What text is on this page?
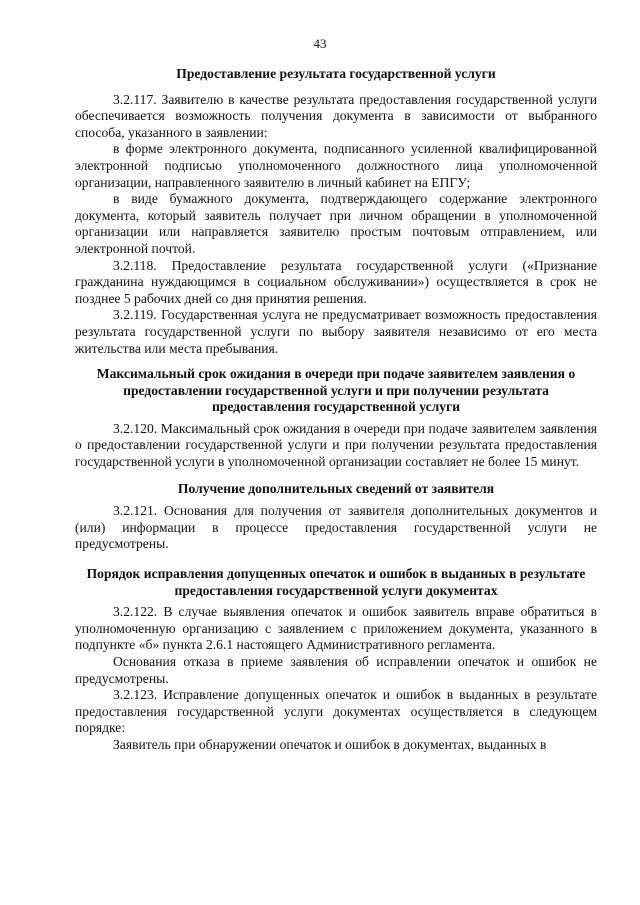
43

Предоставление результата государственной услуги

3.2.117. Заявителю в качестве результата предоставления государственной услуги обеспечивается возможность получения документа в зависимости от выбранного способа, указанного в заявлении:

в форме электронного документа, подписанного усиленной квалифицированной электронной подписью уполномоченного должностного лица уполномоченной организации, направленного заявителю в личный кабинет на ЕПГУ;

в виде бумажного документа, подтверждающего содержание электронного документа, который заявитель получает при личном обращении в уполномоченной организации или направляется заявителю простым почтовым отправлением, или электронной почтой.

3.2.118. Предоставление результата государственной услуги («Признание гражданина нуждающимся в социальном обслуживании») осуществляется в срок не позднее 5 рабочих дней со дня принятия решения.

3.2.119. Государственная услуга не предусматривает возможность предоставления результата государственной услуги по выбору заявителя независимо от его места жительства или места пребывания.

Максимальный срок ожидания в очереди при подаче заявителем заявления о предоставлении государственной услуги и при получении результата предоставления государственной услуги

3.2.120. Максимальный срок ожидания в очереди при подаче заявителем заявления о предоставлении государственной услуги и при получении результата предоставления государственной услуги в уполномоченной организации составляет не более 15 минут.

Получение дополнительных сведений от заявителя

3.2.121. Основания для получения от заявителя дополнительных документов и (или) информации в процессе предоставления государственной услуги не предусмотрены.

Порядок исправления допущенных опечаток и ошибок в выданных в результате предоставления государственной услуги документах

3.2.122. В случае выявления опечаток и ошибок заявитель вправе обратиться в уполномоченную организацию с заявлением с приложением документа, указанного в подпункте «б» пункта 2.6.1 настоящего Административного регламента.

Основания отказа в приеме заявления об исправлении опечаток и ошибок не предусмотрены.

3.2.123. Исправление допущенных опечаток и ошибок в выданных в результате предоставления государственной услуги документах осуществляется в следующем порядке:

Заявитель при обнаружении опечаток и ошибок в документах, выданных в
